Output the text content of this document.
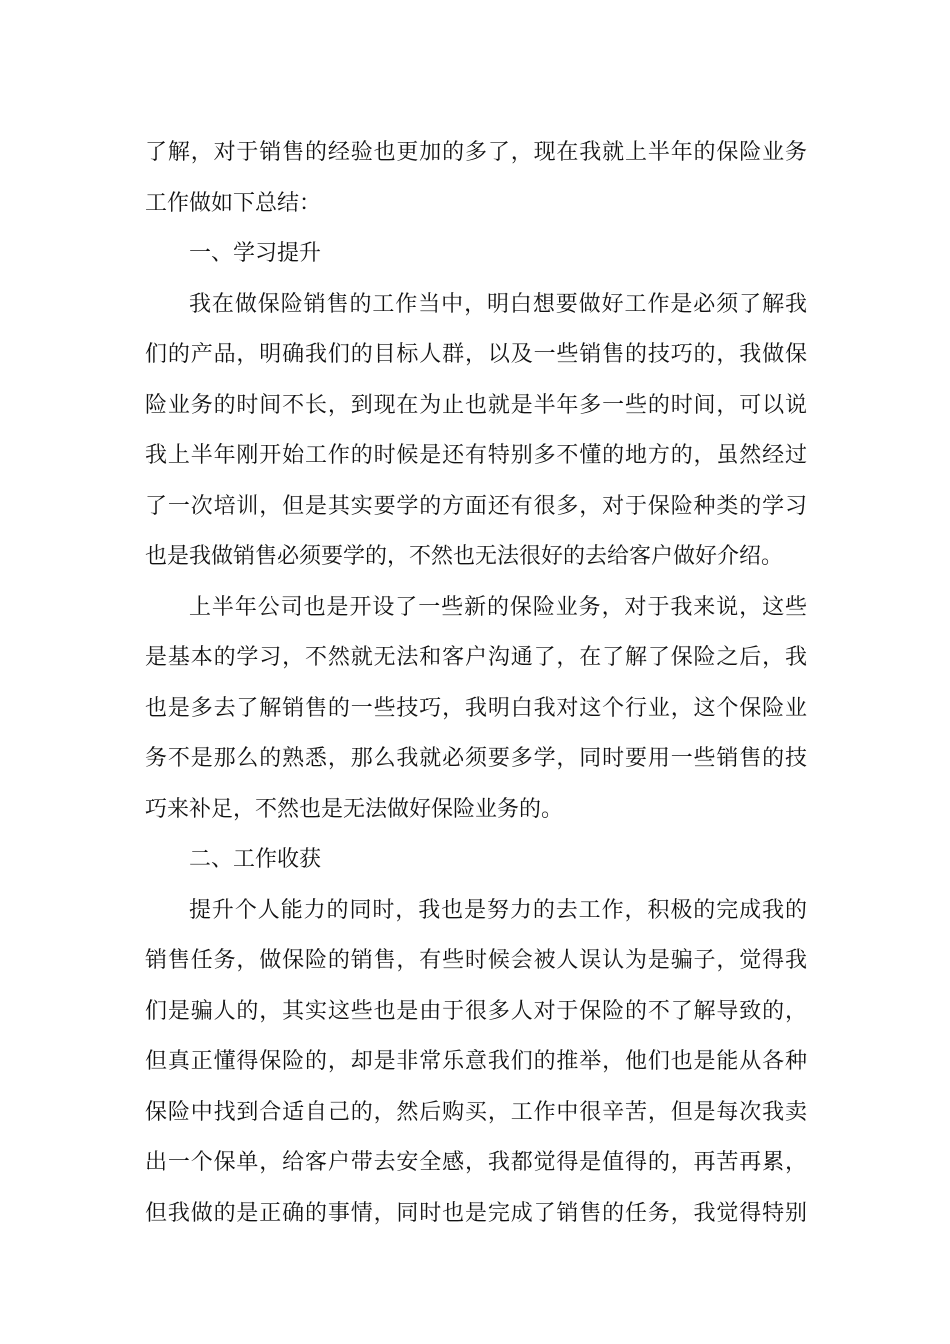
了解，对于销售的经验也更加的多了，现在我就上半年的保险业务
工作做如下总结：
一、学习提升
我在做保险销售的工作当中，明白想要做好工作是必须了解我
们的产品，明确我们的目标人群，以及一些销售的技巧的，我做保
险业务的时间不长，到现在为止也就是半年多一些的时间，可以说
我上半年刚开始工作的时候是还有特别多不懂的地方的，虽然经过
了一次培训，但是其实要学的方面还有很多，对于保险种类的学习
也是我做销售必须要学的，不然也无法很好的去给客户做好介绍。
上半年公司也是开设了一些新的保险业务，对于我来说，这些
是基本的学习，不然就无法和客户沟通了，在了解了保险之后，我
也是多去了解销售的一些技巧，我明白我对这个行业，这个保险业
务不是那么的熟悉，那么我就必须要多学，同时要用一些销售的技
巧来补足，不然也是无法做好保险业务的。
二、工作收获
提升个人能力的同时，我也是努力的去工作，积极的完成我的
销售任务，做保险的销售，有些时候会被人误认为是骗子，觉得我
们是骗人的，其实这些也是由于很多人对于保险的不了解导致的，
但真正懂得保险的，却是非常乐意我们的推举，他们也是能从各种
保险中找到合适自己的，然后购买，工作中很辛苦，但是每次我卖
出一个保单，给客户带去安全感，我都觉得是值得的，再苦再累，
但我做的是正确的事情，同时也是完成了销售的任务，我觉得特别
